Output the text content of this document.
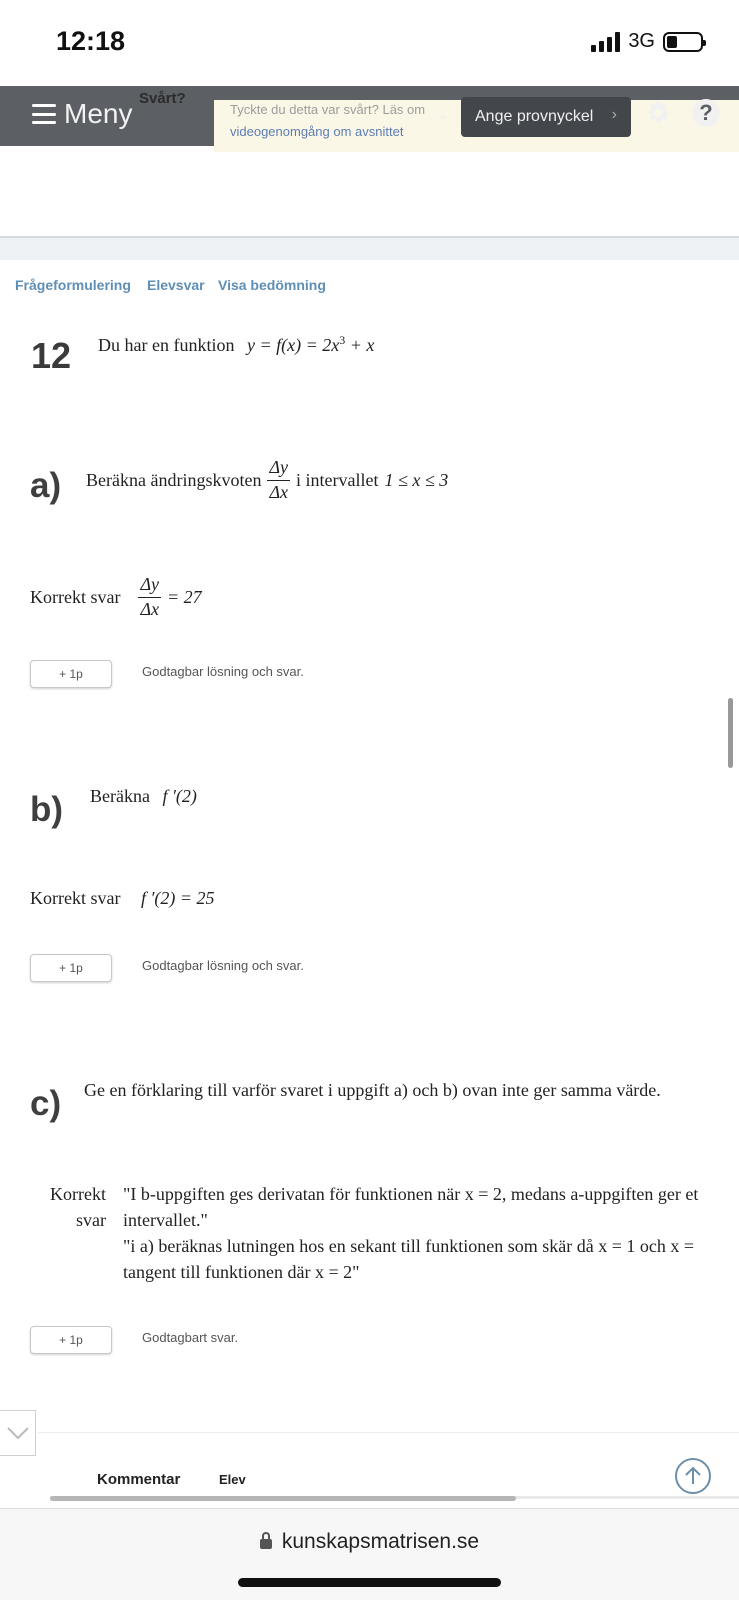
12:18	3G
Tyckte du detta var svårt? Läs om
videogenomgång om avsnittet
Meny Svårt?
⌄ Ange provnyckel ›	?
Frågeformulering Elevsvar Visa bedömning
12 Du har en funktion $y = f(x) = 2x^3 + x$
a) Beräkna ändringskvoten $\frac{\Delta y}{\Delta x}$ i intervallet 1 ≤ x ≤ 3
Korrekt svar $\frac{\Delta y}{\Delta x} = 27$
+ 1p	Godtagbar lösning och svar.
b) Beräkna f ′(2)
Korrekt svar f ′(2) = 25
+ 1p	Godtagbar lösning och svar.
c) Ge en förklaring till varför svaret i uppgift a) och b) ovan inte ger samma värde.
Korrekt
svar
"I b-uppgiften ges derivatan för funktionen när x = 2, medans a-uppgiften ger et
intervallet."
"i a) beräknas lutningen hos en sekant till funktionen som skär då x = 1 och x =
tangent till funktionen där x = 2"
+ 1p	Godtagbart svar.
Kommentar	Elev
kunskapsmatrisen.se
